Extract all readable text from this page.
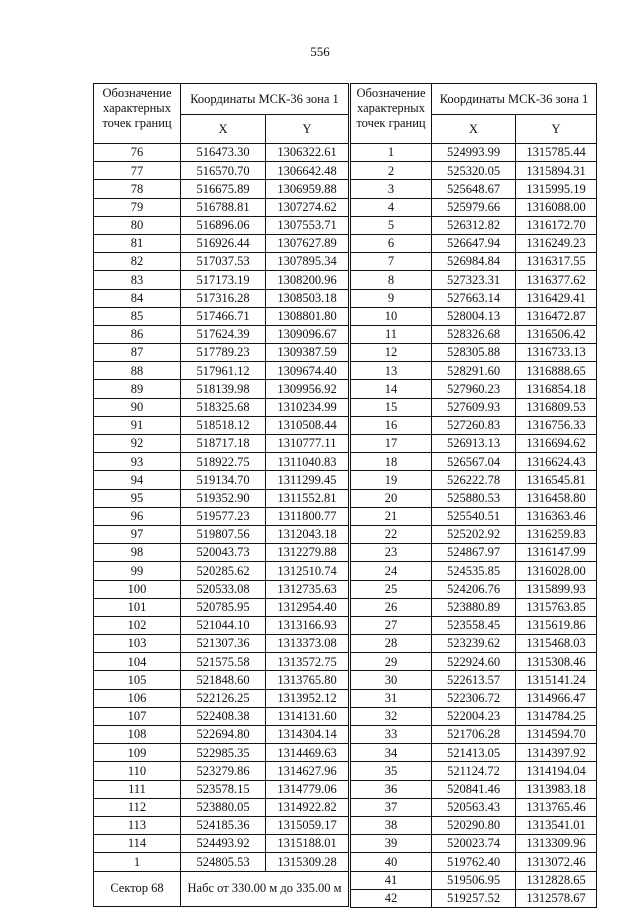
556
Обозначение характерных точек границ	Координаты МСК-36 зона 1	
	X	Y
76	516473.30	1306322.61
77	516570.70	1306642.48
78	516675.89	1306959.88
79	516788.81	1307274.62
80	516896.06	1307553.71
81	516926.44	1307627.89
82	517037.53	1307895.34
83	517173.19	1308200.96
84	517316.28	1308503.18
85	517466.71	1308801.80
86	517624.39	1309096.67
87	517789.23	1309387.59
88	517961.12	1309674.40
89	518139.98	1309956.92
90	518325.68	1310234.99
91	518518.12	1310508.44
92	518717.18	1310777.11
93	518922.75	1311040.83
94	519134.70	1311299.45
95	519352.90	1311552.81
96	519577.23	1311800.77
97	519807.56	1312043.18
98	520043.73	1312279.88
99	520285.62	1312510.74
100	520533.08	1312735.63
101	520785.95	1312954.40
102	521044.10	1313166.93
103	521307.36	1313373.08
104	521575.58	1313572.75
105	521848.60	1313765.80
106	522126.25	1313952.12
107	522408.38	1314131.60
108	522694.80	1314304.14
109	522985.35	1314469.63
110	523279.86	1314627.96
111	523578.15	1314779.06
112	523880.05	1314922.82
113	524185.36	1315059.17
114	524493.92	1315188.01
1	524805.53	1315309.28
Сектор 68	Набс от 330.00 м до 335.00 м	
Обозначение характерных точек границ	Координаты МСК-36 зона 1	
	X	Y
1	524993.99	1315785.44
2	525320.05	1315894.31
3	525648.67	1315995.19
4	525979.66	1316088.00
5	526312.82	1316172.70
6	526647.94	1316249.23
7	526984.84	1316317.55
8	527323.31	1316377.62
9	527663.14	1316429.41
10	528004.13	1316472.87
11	528326.68	1316506.42
12	528305.88	1316733.13
13	528291.60	1316888.65
14	527960.23	1316854.18
15	527609.93	1316809.53
16	527260.83	1316756.33
17	526913.13	1316694.62
18	526567.04	1316624.43
19	526222.78	1316545.81
20	525880.53	1316458.80
21	525540.51	1316363.46
22	525202.92	1316259.83
23	524867.97	1316147.99
24	524535.85	1316028.00
25	524206.76	1315899.93
26	523880.89	1315763.85
27	523558.45	1315619.86
28	523239.62	1315468.03
29	522924.60	1315308.46
30	522613.57	1315141.24
31	522306.72	1314966.47
32	522004.23	1314784.25
33	521706.28	1314594.70
34	521413.05	1314397.92
35	521124.72	1314194.04
36	520841.46	1313983.18
37	520563.43	1313765.46
38	520290.80	1313541.01
39	520023.74	1313309.96
40	519762.40	1313072.46
41	519506.95	1312828.65
42	519257.52	1312578.67
